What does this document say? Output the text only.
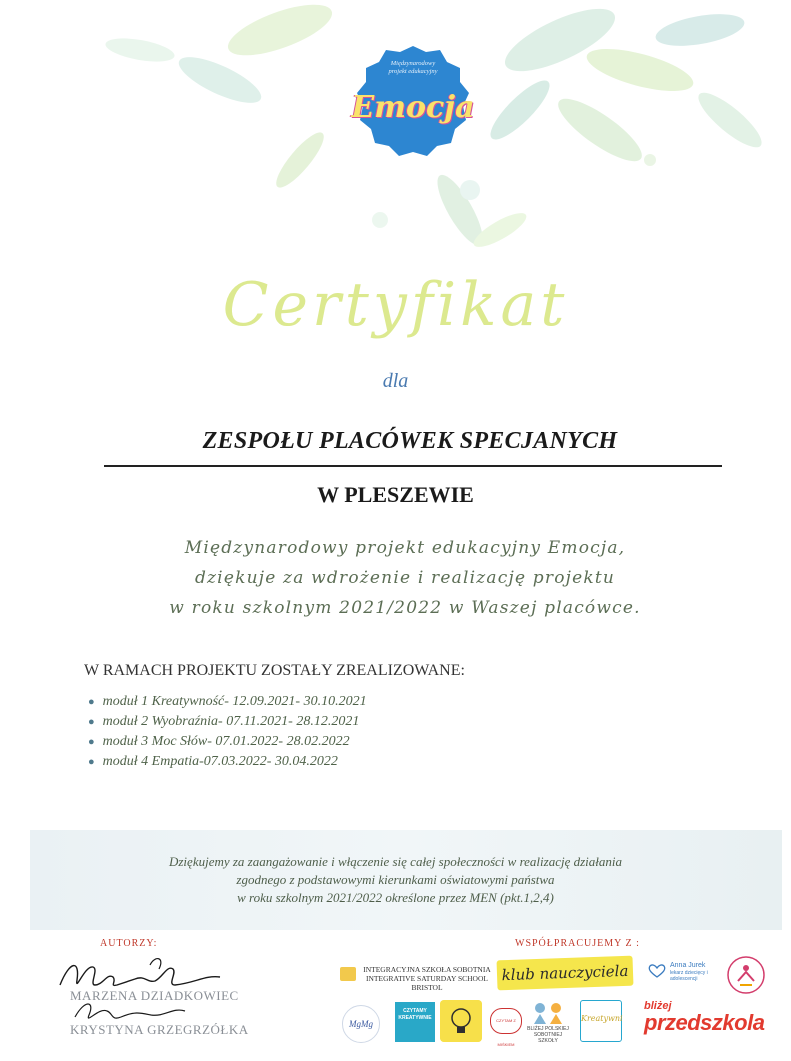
Międzynarodowy
projekt edukacyjny
Emocja
Certyfikat
dla
ZESPOŁU PLACÓWEK SPECJANYCH
W PLESZEWIE
Międzynarodowy projekt edukacyjny Emocja,
dziękuje za wdrożenie i realizację projektu
w roku szkolnym 2021/2022 w Waszej placówce.
W RAMACH PROJEKTU ZOSTAŁY ZREALIZOWANE:
● moduł 1 Kreatywność- 12.09.2021- 30.10.2021
● moduł 2 Wyobraźnia- 07.11.2021- 28.12.2021
● moduł 3 Moc Słów- 07.01.2022- 28.02.2022
● moduł 4 Empatia-07.03.2022- 30.04.2022
Dziękujemy za zaangażowanie i włączenie się całej społeczności w realizację działania
zgodnego z podstawowymi kierunkami oświatowymi państwa
w roku szkolnym 2021/2022 określone przez MEN (pkt.1,2,4)
AUTORZY:
MARZENA DZIADKOWIEC
KRYSTYNA GRZEGRZÓŁKA
WSPÓŁPRACUJEMY Z :
INTEGRACYJNA SZKOŁA SOBOTNIA
INTEGRATIVE SATURDAY SCHOOL
BRISTOL
klub nauczyciela	Anna Jurek
lekarz dziecięcy i adolescencji
MgMg
CZYTAMY KREATYWNIE	CZYTAM Z MIŚKIEM
BLIŻEJ POLSKIEJ SOBOTNIEJ SZKOŁY
Kreatywni
bliżej
przedszkola
